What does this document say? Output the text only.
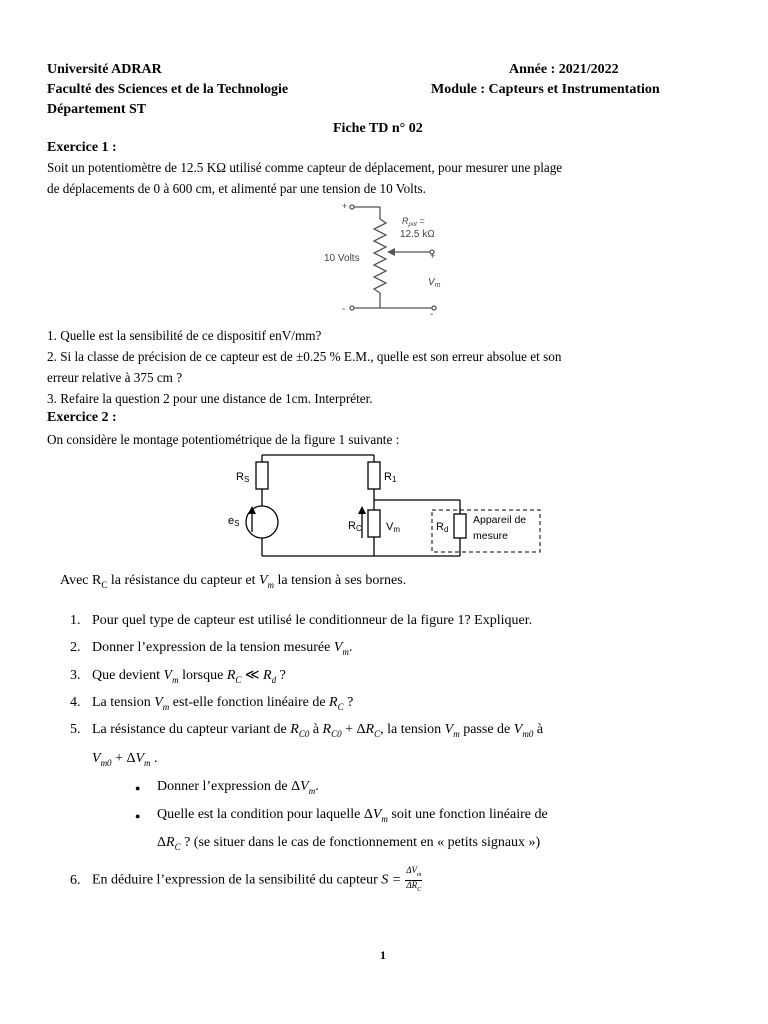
Université ADRAR
Faculté des Sciences et de la Technologie
Département ST
Année : 2021/2022
Module : Capteurs et Instrumentation
Fiche TD n° 02
Exercice 1 :
Soit un potentiomètre de 12.5 KΩ utilisé comme capteur de déplacement, pour mesurer une plage
de déplacements de 0 à 600 cm, et alimenté par une tension de 10 Volts.
+
-
$R_{pot}$ =
12.5 kΩ
10 Volts	+
-
$V_m$
1. Quelle est la sensibilité de ce dispositif enV/mm?
2. Si la classe de précision de ce capteur est de ±0.25 % E.M., quelle est son erreur absolue et son
erreur relative à 375 cm ?
3. Refaire la question 2 pour une distance de 1cm. Interpréter.
Exercice 2 :
On considère le montage potentiométrique de la figure 1 suivante :
RS
eS
R1
RC Vm	Rd
Appareil de
mesure
Avec $R_C$ la résistance du capteur et $V_m$ la tension à ses bornes.
1. Pour quel type de capteur est utilisé le conditionneur de la figure 1? Expliquer.
2. Donner l’expression de la tension mesurée $V_m$.
3. Que devient $V_m$ lorsque $R_C$ ≪ $R_d$ ?
4. La tension $V_m$ est-elle fonction linéaire de $R_C$ ?
5. La résistance du capteur variant de $R_{C0}$ à $R_{C0} + \Delta R_C$, la tension $V_m$ passe de $V_{m0}$ à
$V_{m0} + \Delta V_m$ .
● Donner l’expression de $\Delta V_m$.
● Quelle est la condition pour laquelle $\Delta V_m$ soit une fonction linéaire de
$\Delta R_C$ ? (se situer dans le cas de fonctionnement en « petits signaux »)
6. En déduire l’expression de la sensibilité du capteur S =
$\Delta V_m$
$\Delta R_C$
1
